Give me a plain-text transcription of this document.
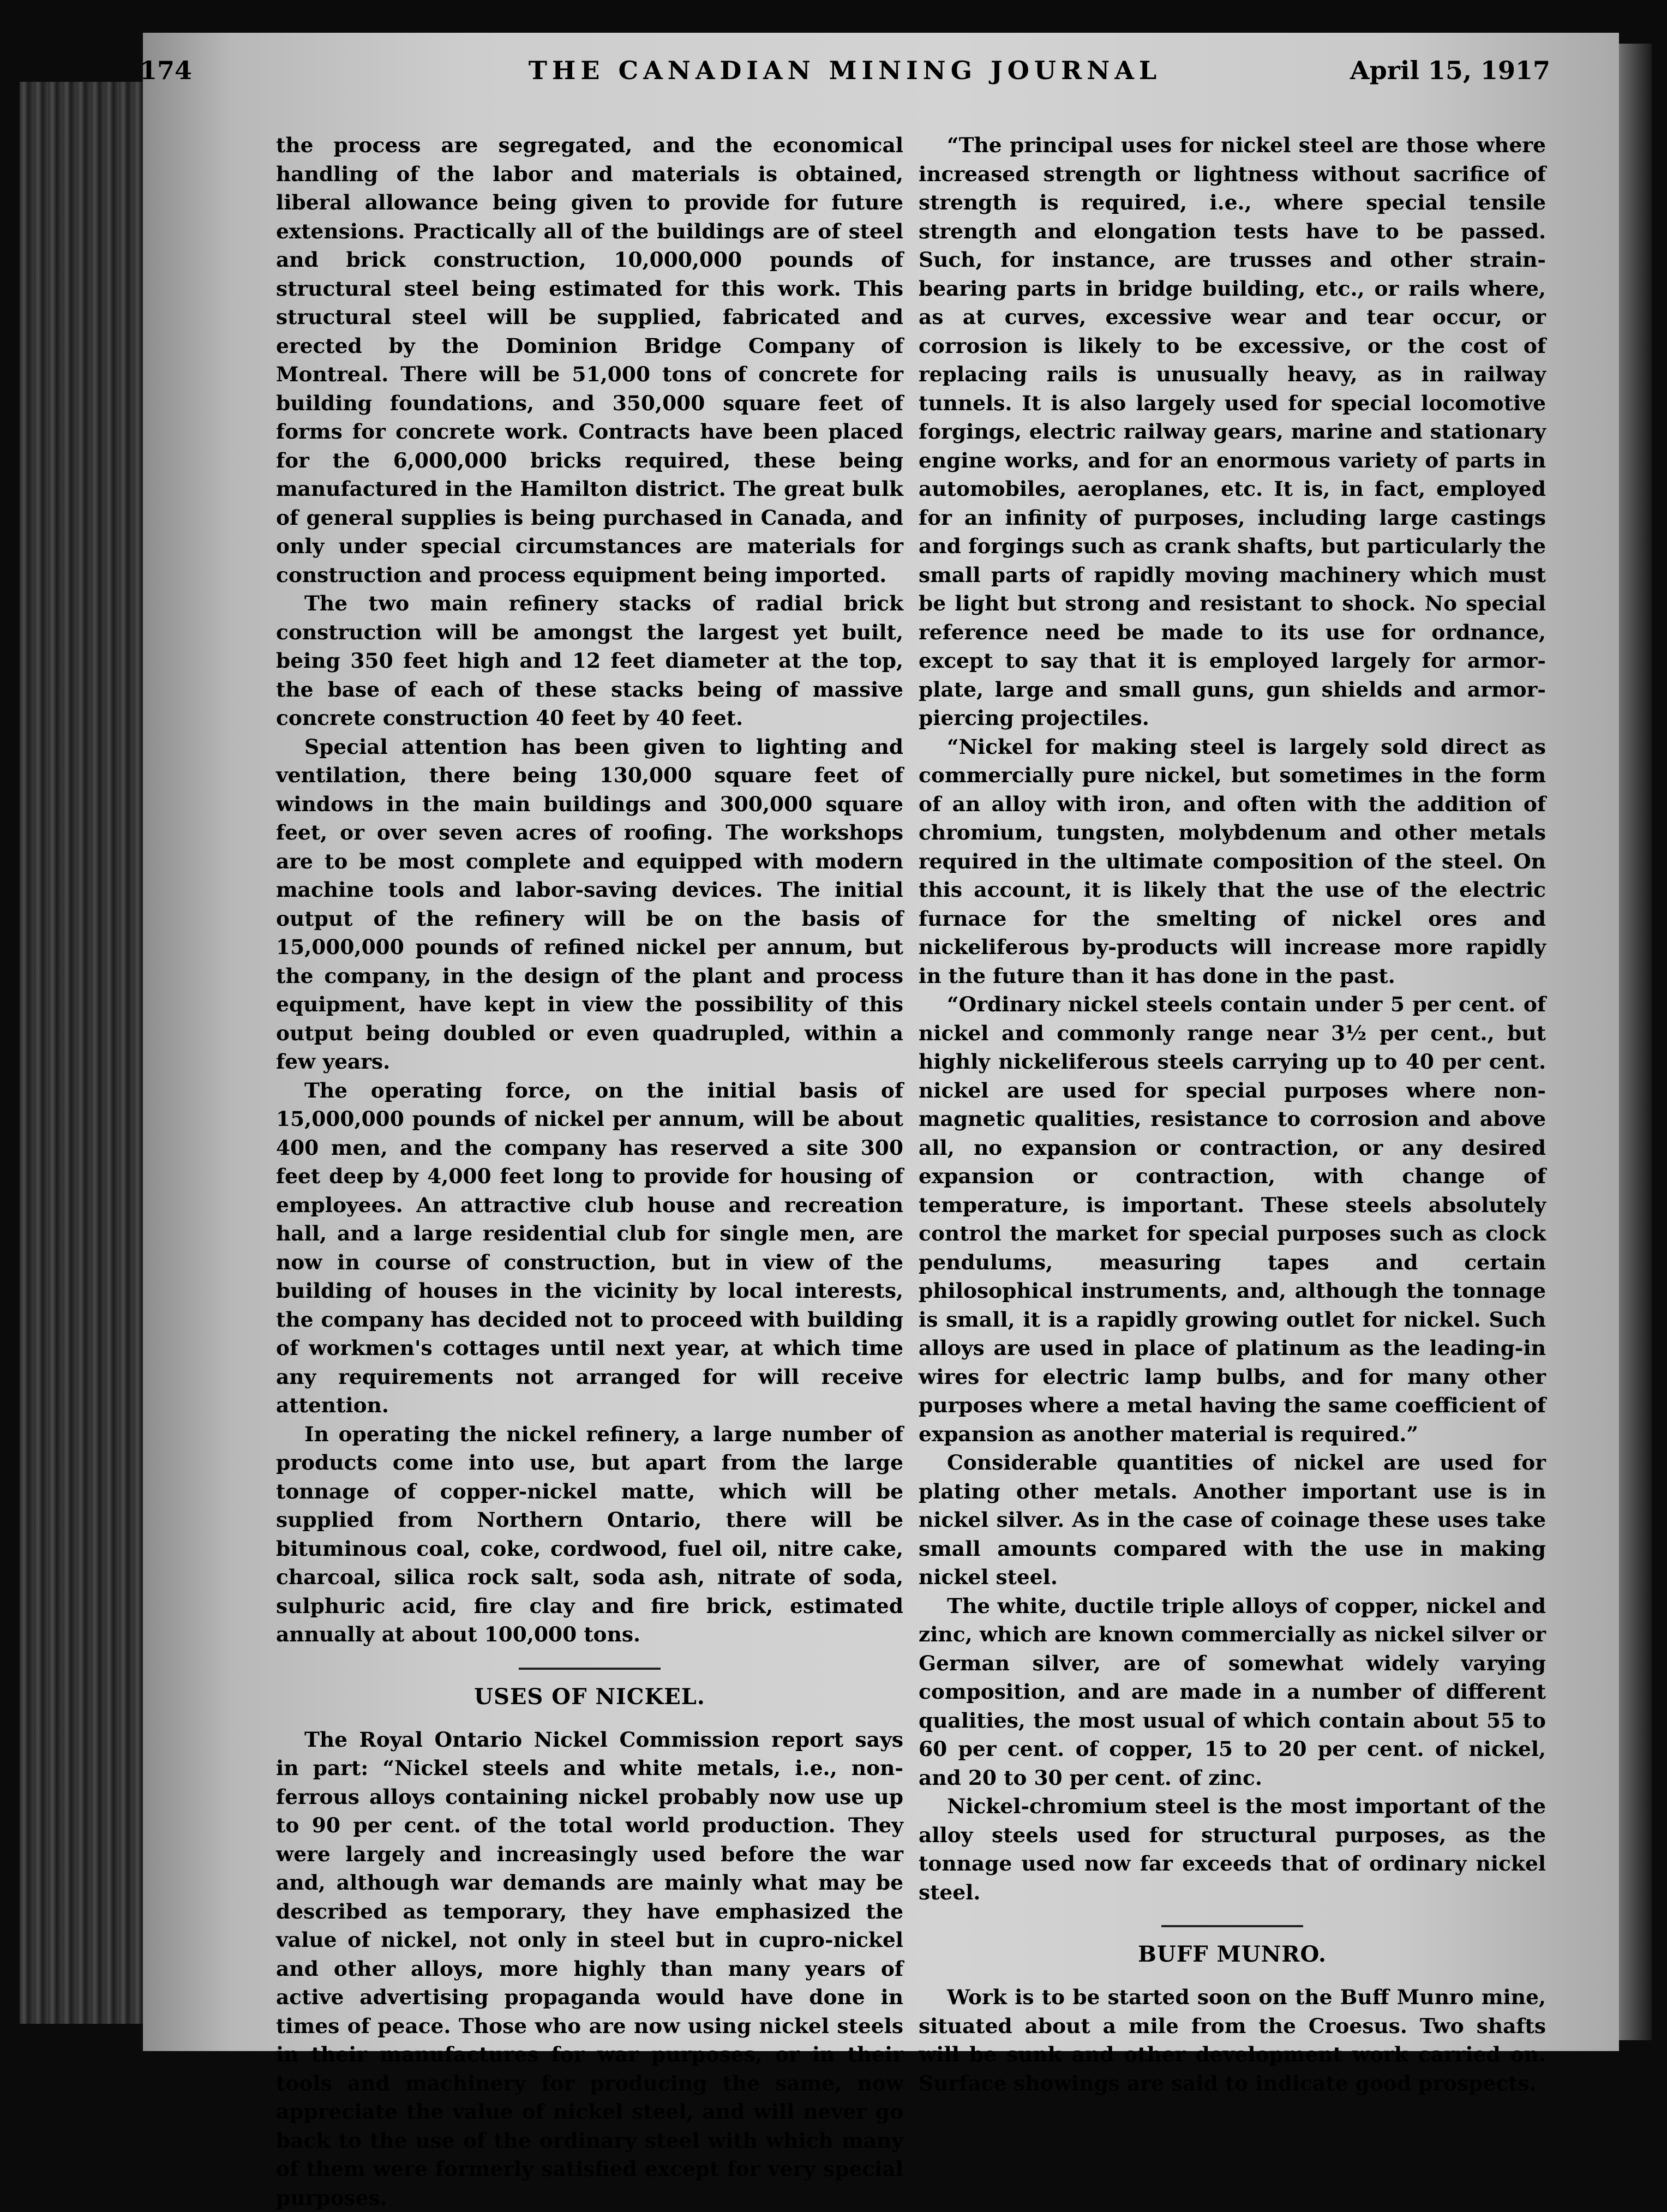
174	THE CANADIAN MINING JOURNAL	April 15, 1917

the process are segregated, and the economical handling of the labor and materials is obtained, liberal allowance being given to provide for future extensions. Practically all of the buildings are of steel and brick construction, 10,000,000 pounds of structural steel being estimated for this work. This structural steel will be supplied, fabricated and erected by the Dominion Bridge Company of Montreal. There will be 51,000 tons of concrete for building foundations, and 350,000 square feet of forms for concrete work. Contracts have been placed for the 6,000,000 bricks required, these being manufactured in the Hamilton district. The great bulk of general supplies is being purchased in Canada, and only under special circumstances are materials for construction and process equipment being imported.

The two main refinery stacks of radial brick construction will be amongst the largest yet built, being 350 feet high and 12 feet diameter at the top, the base of each of these stacks being of massive concrete construction 40 feet by 40 feet.

Special attention has been given to lighting and ventilation, there being 130,000 square feet of windows in the main buildings and 300,000 square feet, or over seven acres of roofing. The workshops are to be most complete and equipped with modern machine tools and labor-saving devices. The initial output of the refinery will be on the basis of 15,000,000 pounds of refined nickel per annum, but the company, in the design of the plant and process equipment, have kept in view the possibility of this output being doubled or even quadrupled, within a few years.

The operating force, on the initial basis of 15,000,000 pounds of nickel per annum, will be about 400 men, and the company has reserved a site 300 feet deep by 4,000 feet long to provide for housing of employees. An attractive club house and recreation hall, and a large residential club for single men, are now in course of construction, but in view of the building of houses in the vicinity by local interests, the company has decided not to proceed with building of workmen's cottages until next year, at which time any requirements not arranged for will receive attention.

In operating the nickel refinery, a large number of products come into use, but apart from the large tonnage of copper-nickel matte, which will be supplied from Northern Ontario, there will be bituminous coal, coke, cordwood, fuel oil, nitre cake, charcoal, silica rock salt, soda ash, nitrate of soda, sulphuric acid, fire clay and fire brick, estimated annually at about 100,000 tons.

USES OF NICKEL.

The Royal Ontario Nickel Commission report says in part: “Nickel steels and white metals, i.e., non-ferrous alloys containing nickel probably now use up to 90 per cent. of the total world production. They were largely and increasingly used before the war and, although war demands are mainly what may be described as temporary, they have emphasized the value of nickel, not only in steel but in cupro-nickel and other alloys, more highly than many years of active advertising propaganda would have done in times of peace. Those who are now using nickel steels in their manufactures for war purposes, or in their tools and machinery for producing the same, now appreciate the value of nickel steel, and will never go back to the use of the ordinary steel with which many of them were formerly satisfied except for very special purposes.

“The principal uses for nickel steel are those where increased strength or lightness without sacrifice of strength is required, i.e., where special tensile strength and elongation tests have to be passed. Such, for instance, are trusses and other strain-bearing parts in bridge building, etc., or rails where, as at curves, excessive wear and tear occur, or corrosion is likely to be excessive, or the cost of replacing rails is unusually heavy, as in railway tunnels. It is also largely used for special locomotive forgings, electric railway gears, marine and stationary engine works, and for an enormous variety of parts in automobiles, aeroplanes, etc. It is, in fact, employed for an infinity of purposes, including large castings and forgings such as crank shafts, but particularly the small parts of rapidly moving machinery which must be light but strong and resistant to shock. No special reference need be made to its use for ordnance, except to say that it is employed largely for armor-plate, large and small guns, gun shields and armor-piercing projectiles.

“Nickel for making steel is largely sold direct as commercially pure nickel, but sometimes in the form of an alloy with iron, and often with the addition of chromium, tungsten, molybdenum and other metals required in the ultimate composition of the steel. On this account, it is likely that the use of the electric furnace for the smelting of nickel ores and nickeliferous by-products will increase more rapidly in the future than it has done in the past.

“Ordinary nickel steels contain under 5 per cent. of nickel and commonly range near 3½ per cent., but highly nickeliferous steels carrying up to 40 per cent. nickel are used for special purposes where non-magnetic qualities, resistance to corrosion and above all, no expansion or contraction, or any desired expansion or contraction, with change of temperature, is important. These steels absolutely control the market for special purposes such as clock pendulums, measuring tapes and certain philosophical instruments, and, although the tonnage is small, it is a rapidly growing outlet for nickel. Such alloys are used in place of platinum as the leading-in wires for electric lamp bulbs, and for many other purposes where a metal having the same coefficient of expansion as another material is required.”

Considerable quantities of nickel are used for plating other metals. Another important use is in nickel silver. As in the case of coinage these uses take small amounts compared with the use in making nickel steel.

The white, ductile triple alloys of copper, nickel and zinc, which are known commercially as nickel silver or German silver, are of somewhat widely varying composition, and are made in a number of different qualities, the most usual of which contain about 55 to 60 per cent. of copper, 15 to 20 per cent. of nickel, and 20 to 30 per cent. of zinc.

Nickel-chromium steel is the most important of the alloy steels used for structural purposes, as the tonnage used now far exceeds that of ordinary nickel steel.

BUFF MUNRO.

Work is to be started soon on the Buff Munro mine, situated about a mile from the Croesus. Two shafts will be sunk and other development work carried on. Surface showings are said to indicate good prospects.
